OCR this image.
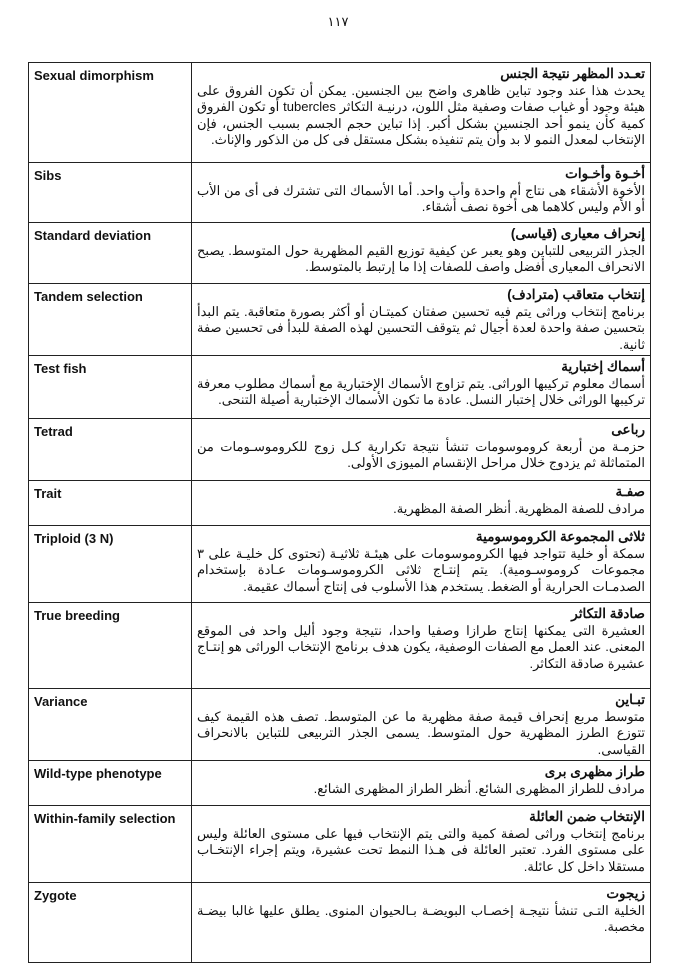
١١٧
Sexual dimorphism	تعـدد المظهر نتيجة الجنس
يحدث هذا عند وجود تباين ظاهرى واضح بين الجنسين. يمكن أن تكون الفروق على هيئة وجود أو غياب صفات وصفية مثل اللون، درنيـة التكاثر tubercles أو تكون الفروق كمية كأن ينمو أحد الجنسين بشكل أكبر. إذا تباين حجم الجسم بسبب الجنس، فإن الإنتخاب لمعدل النمو لا بد وأن يتم تنفيذه بشكل مستقل فى كل من الذكور والإناث.

Sibs	أخـوة وأخـوات
الأخوة الأشقاء هى نتاج أم واحدة وأب واحد. أما الأسماك التى تشترك فى أى من الأب أو الأم وليس كلاهما هى أخوة نصف أشقاء.

Standard deviation	إنحراف معيارى (قياسى)
الجذر التربيعى للتباين وهو يعبر عن كيفية توزيع القيم المظهرية حول المتوسط. يصبح الانحراف المعيارى أفضل واصف للصفات إذا ما إرتبط بالمتوسط.

Tandem selection	إنتخاب متعاقب (مترادف)
برنامج إنتخاب وراثى يتم فيه تحسين صفتان كميتـان أو أكثر بصورة متعاقبة. يتم البدأ بتحسين صفة واحدة لعدة أجيال ثم يتوقف التحسين لهذه الصفة للبدأ فى تحسين صفة ثانية.

Test fish	أسماك إختبارية
أسماك معلوم تركيبها الوراثى. يتم تزاوج الأسماك الإختبارية مع أسماك مطلوب معرفة تركيبها الوراثى خلال إختبار النسل. عادة ما تكون الأسماك الإختبارية أصيلة التنحى.

Tetrad	رباعى
حزمـة من أربعة كروموسومات تنشأ نتيجة تكرارية كـل زوج للكروموسـومات من المتماثلة ثم يزدوج خلال مراحل الإنقسام الميوزى الأولى.

Trait	صفـة
مرادف للصفة المظهرية. أنظر الصفة المظهرية.

Triploid (3 N)	ثلاثى المجموعة الكروموسومية
سمكة أو خلية تتواجد فيها الكروموسومات على هيئـة ثلاثيـة (تحتوى كل خليـة على ٣ مجموعات كروموسـومية). يتم إنتـاج ثلاثى الكروموسـومات عـادة بإستخدام الصدمـات الحرارية أو الضغط. يستخدم هذا الأسلوب فى إنتاج أسماك عقيمة.

True breeding	صادقة التكاثر
العشيرة التى يمكنها إنتاج طرازا وصفيا واحدا، نتيجة وجود أليل واحد فى الموقع المعنى. عند العمل مع الصفات الوصفية، يكون هدف برنامج الإنتخاب الوراثى هو إنتـاج عشيرة صادقة التكاثر.

Variance	تبـاين
متوسط مربع إنحراف قيمة صفة مظهرية ما عن المتوسط. تصف هذه القيمة كيف تتوزع الطرز المظهرية حول المتوسط. يسمى الجذر التربيعى للتباين بالانحراف القياسى.

Wild-type phenotype	طراز مظهرى برى
مرادف للطراز المظهرى الشائع. أنظر الطراز المظهرى الشائع.

Within-family selection	الإنتخاب ضمن العائلة
برنامج إنتخاب وراثى لصفة كمية والتى يتم الإنتخاب فيها على مستوى العائلة وليس على مستوى الفرد. تعتبر العائلة فى هـذا النمط تحت عشيرة، ويتم إجراء الإنتخـاب مستقلا داخل كل عائلة.

Zygote	زيجوت
الخلية التـى تنشأ نتيجـة إخصـاب البويضـة بـالحيوان المنوى. يطلق عليها غالبا بيضـة مخصبة.
